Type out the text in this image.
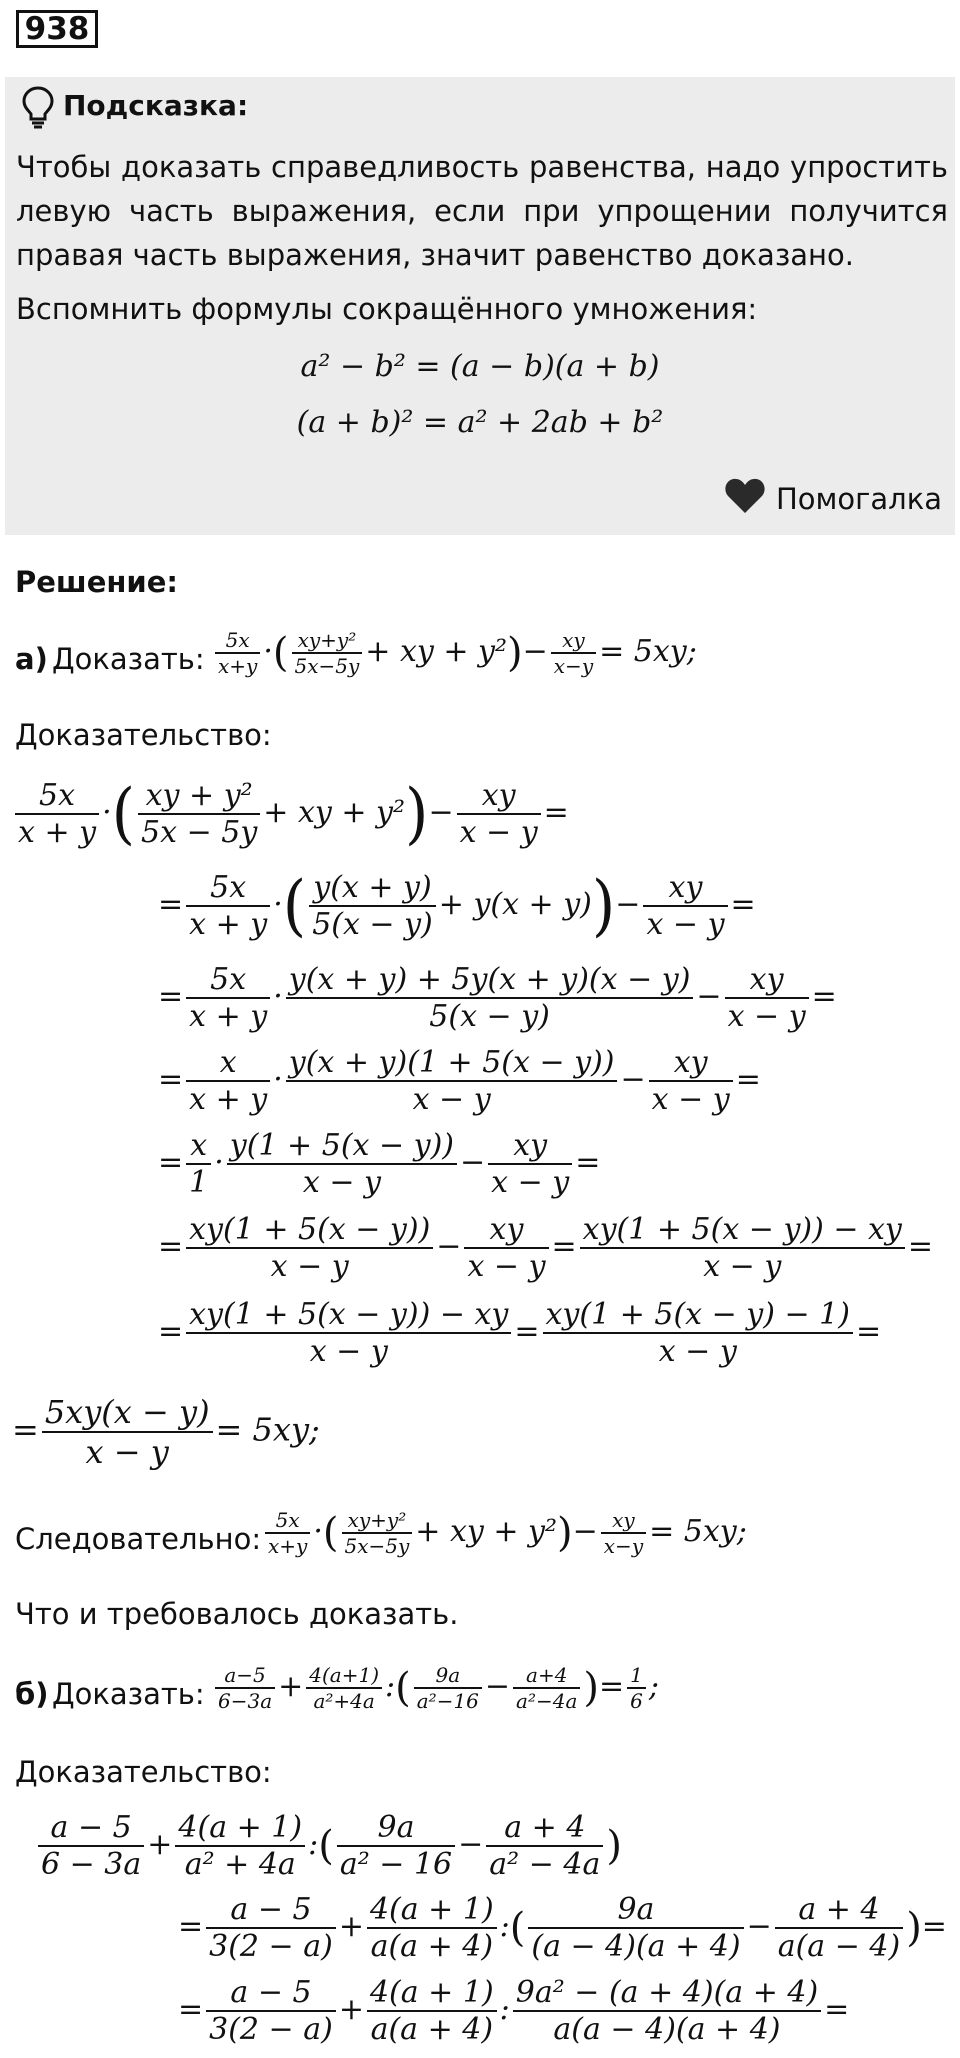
938
Подсказка:
Чтобы доказать справедливость равенства, надо упростить левую часть выражения, если при упрощении получится правая часть выражения, значит равенство доказано.
Вспомнить формулы сокращённого умножения:
a² − b² = (a − b)(a + b)
(a + b)² = a² + 2ab + b²
Помогалка
Решение:
а) Доказать: $\frac{5x}{x+y}$ ·( $\frac{\text{xy+y²}}{5x-5y}$ + xy + $y^2)- \frac{xy}{x-y} = 5xy$;
Доказательство:
$\frac{5x}{x + y}$ ·( $\frac{\text{xy + y²}}{5x - 5y}$ + xy + $y^2)- \frac{xy}{x - y}$ =
= $\frac{5x}{x + y}$ ·( $\frac{y(x + y)}{5(x - y)} + y(x + y))- \frac{xy}{x - y}$ =
= $\frac{5x}{x + y} \cdot \frac{y(x + y) + 5y(x + y)(x - y)}{5(x - y)} - \frac{xy}{x - y}$ =
= $\frac{x}{x + y} \cdot \frac{y(x + y)(1 + 5(x - y))}{x - y} - \frac{xy}{x - y}$ =
= $\frac{x}{1} \cdot \frac{y(1 + 5(x - y))}{x - y} - \frac{xy}{x - y}$ =
= $\frac{xy(1 + 5(x - y))}{x - y} - \frac{xy}{x - y} = \frac{xy(1 + 5(x - y)) - xy}{x - y}$ =
= $\frac{xy(1 + 5(x - y)) - xy}{x - y} = \frac{xy(1 + 5(x - y) - 1)}{x - y}$ =
= $\frac{5xy(x - y)}{x - y} = 5xy$;
Следовательно: $\frac{5x}{x+y}$ ·( $\frac{\text{xy+y²}}{5x-5y}$ + xy + $y^2)- \frac{xy}{x-y} = 5xy$;
Что и требовалось доказать.
б) Доказать: $\frac{a-5}{6-3a} + \frac{4(a+1)}{\text{a²+4a}}$ :( $\frac{9a}{\text{a²−16}} - \frac{a+4}{\text{a²−4a}}$ )= $\frac{1}{6}$ ;
Доказательство:
$\frac{a - 5}{6 - 3a} + \frac{4(a + 1)}{\text{a² + 4a}}$ :( $\frac{9a}{\text{a² − 16}} - \frac{a + 4}{\text{a² − 4a}}$ )
= $\frac{a - 5}{3(2 - a)} + \frac{4(a + 1)}{a(a + 4)}$ :( $\frac{9a}{(a - 4)(a + 4)} - \frac{a + 4}{a(a - 4)}$ )=
= $\frac{a - 5}{3(2 - a)} + \frac{4(a + 1)}{a(a + 4)}$ : $\frac{\text{9a² − (a + 4)(a + 4)}}{a(a - 4)(a + 4)}$ =
